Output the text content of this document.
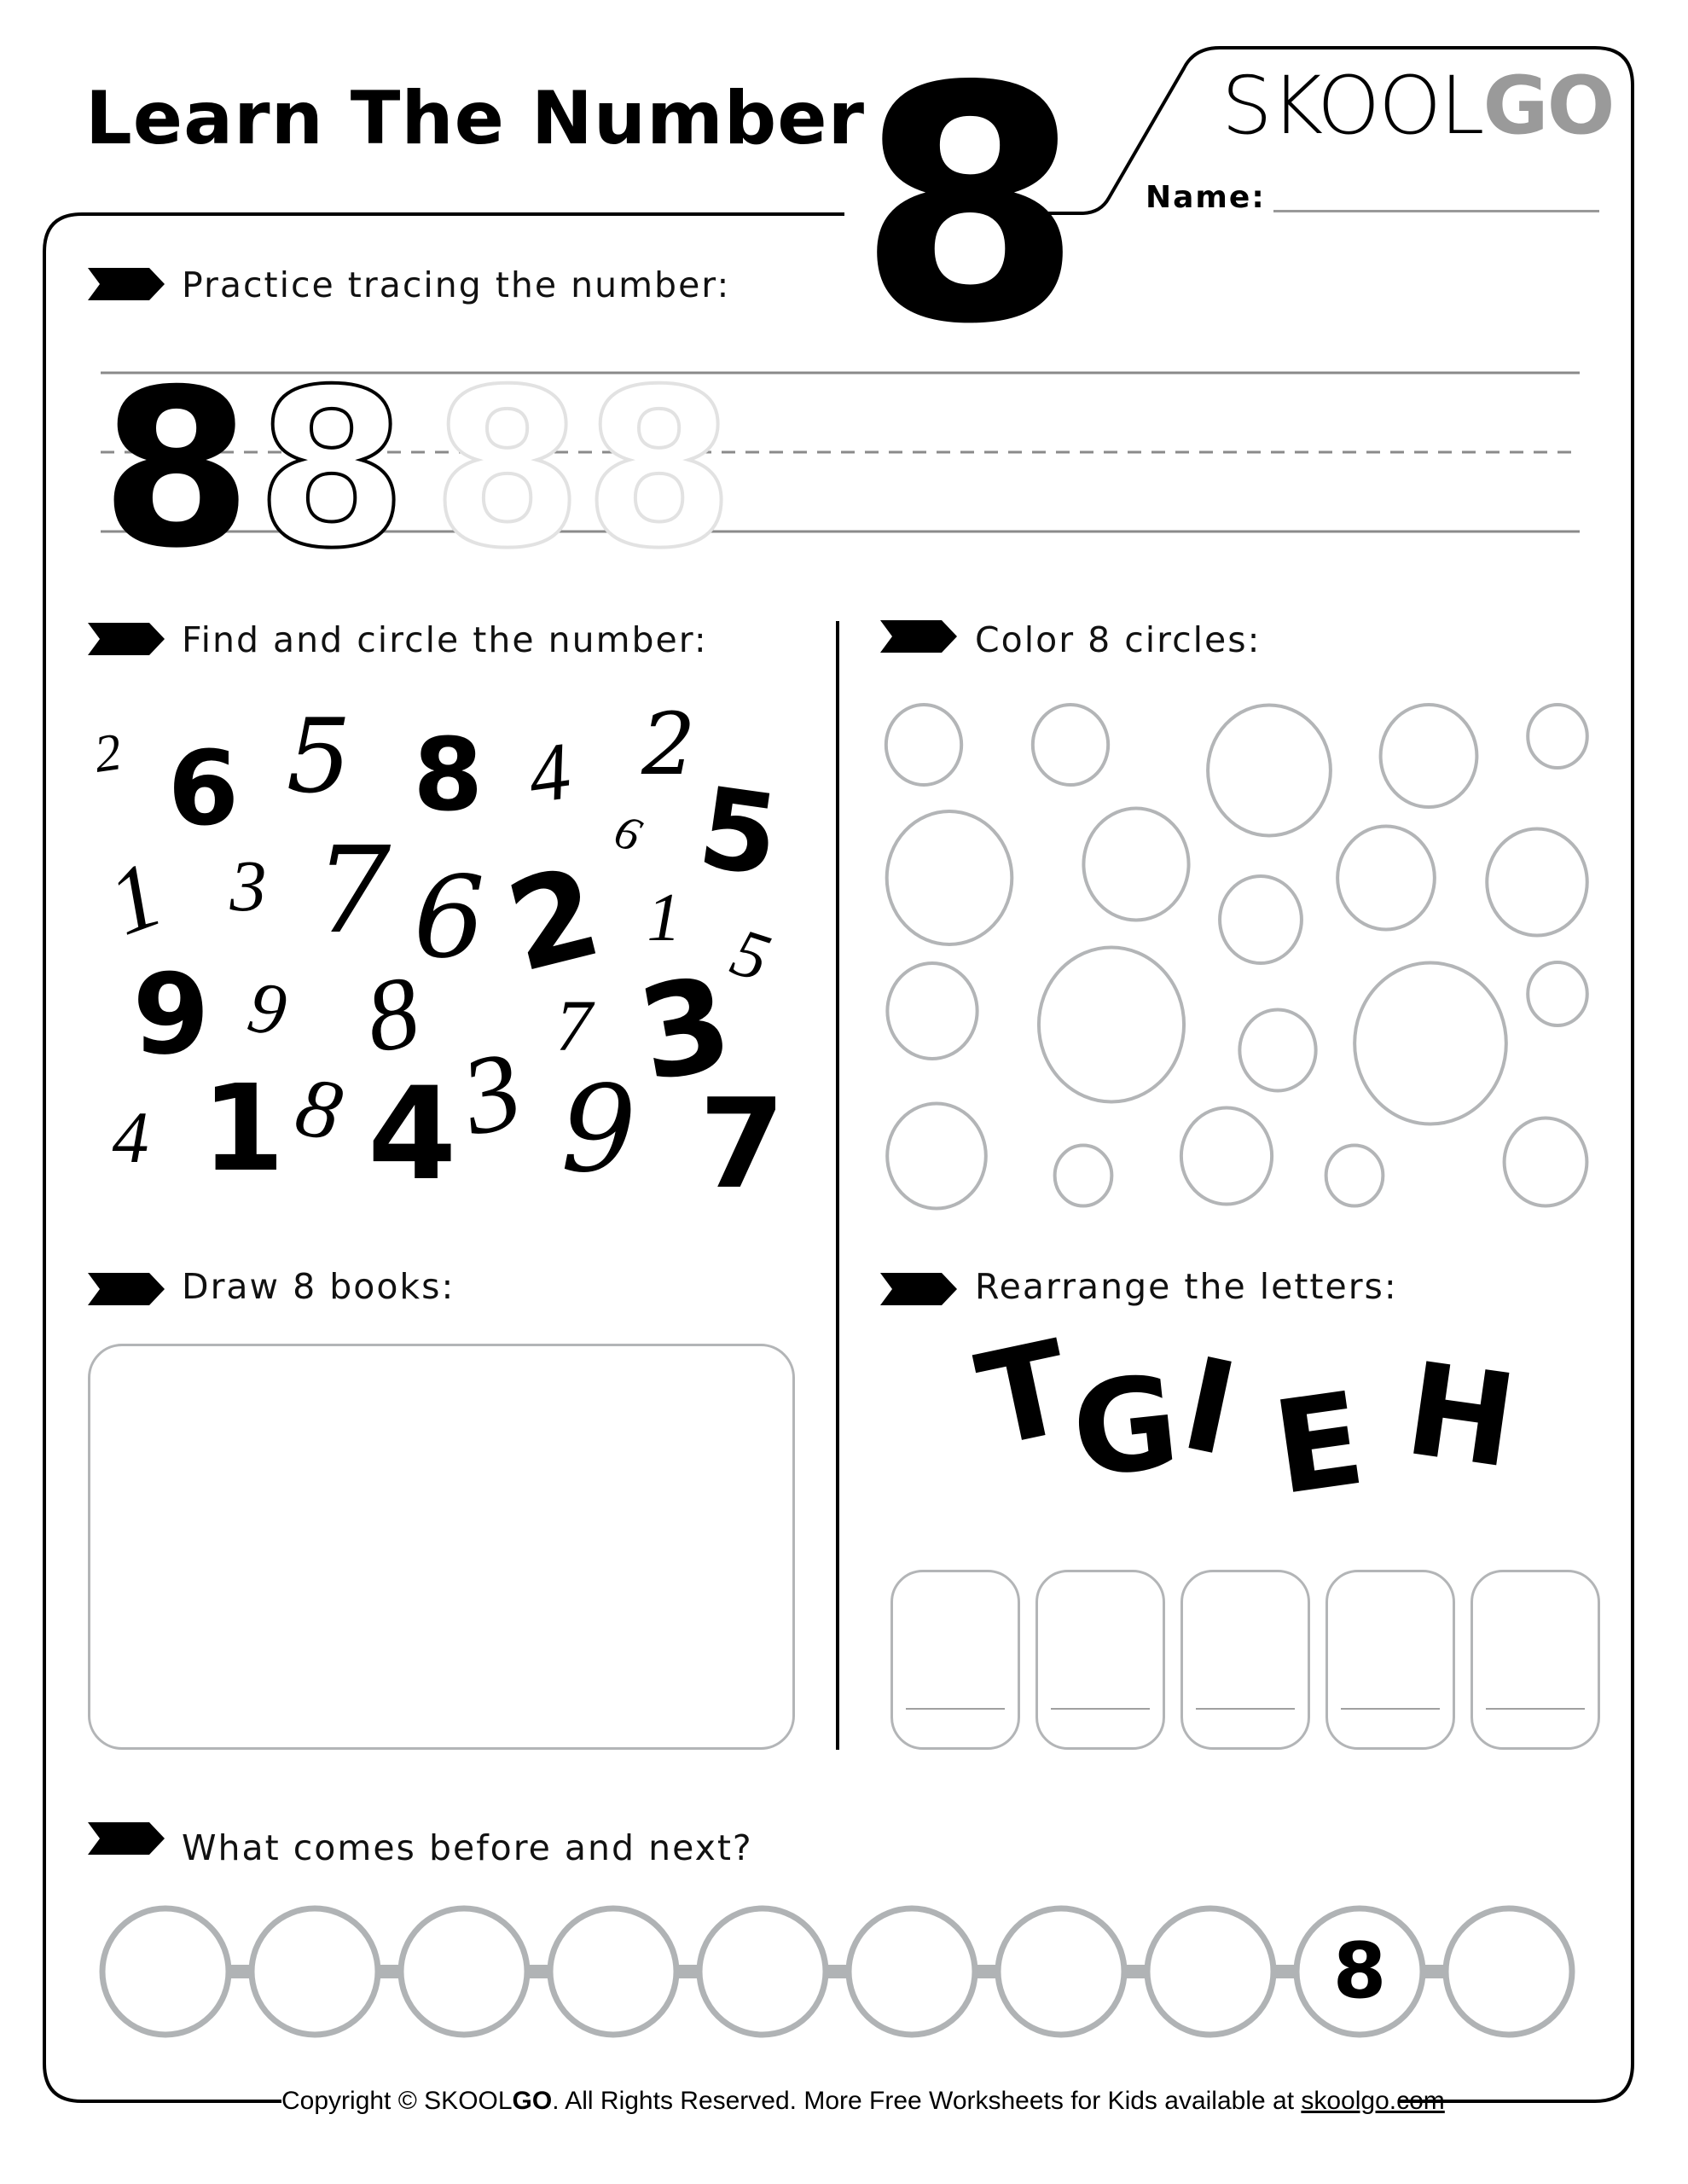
Learn The Number
8 SKOOLGO
Name:
Practice tracing the number:
Find and circle the number:	Color 8 circles:
Draw 8 books:	Rearrange the letters:
What comes before and next?
8 8 8 8
2 6 5 8 4 2
6 5
1 3 7 6 2 1 5
9 9 8 7 3
4 1 8 4
3 9 7
T
G
I E H
8
Copyright © SKOOLGO. All Rights Reserved. More Free Worksheets for Kids available at skoolgo.com
